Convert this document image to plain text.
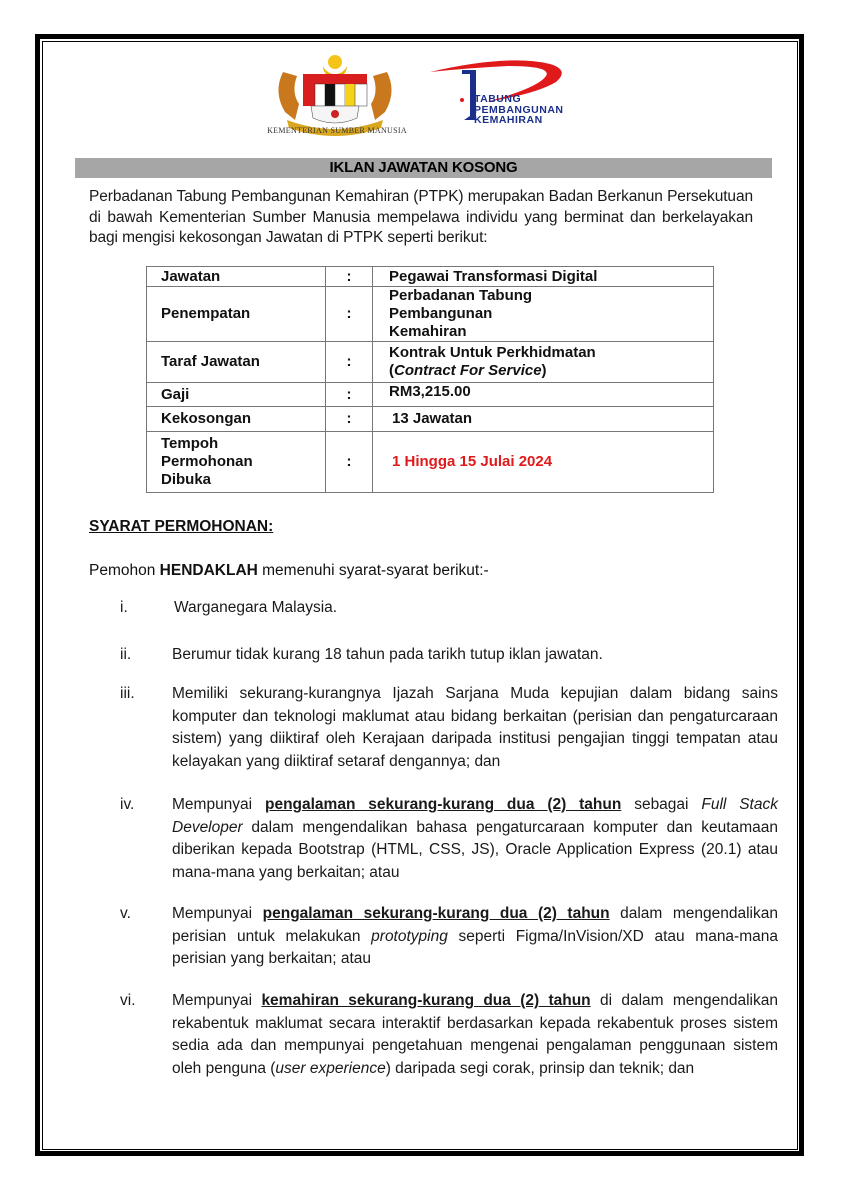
KEMENTERIAN SUMBER MANUSIA
TABUNG
PEMBANGUNAN
KEMAHIRAN
IKLAN JAWATAN KOSONG
Perbadanan Tabung Pembangunan Kemahiran (PTPK) merupakan Badan Berkanun Persekutuan di bawah Kementerian Sumber Manusia mempelawa individu yang berminat dan berkelayakan bagi mengisi kekosongan Jawatan di PTPK seperti berikut:
Jawatan	:	Pegawai Transformasi Digital
Penempatan	:	Perbadanan Tabung Pembangunan Kemahiran
Taraf Jawatan	:	Kontrak Untuk Perkhidmatan
(Contract For Service)

Gaji	:	RM3,215.00
Kekosongan	:	13 Jawatan
Tempoh Permohonan Dibuka	:	1 Hingga 15 Julai 2024
SYARAT PERMOHONAN:
Pemohon HENDAKLAH memenuhi syarat-syarat berikut:-
i.	Warganegara Malaysia.
ii.	Berumur tidak kurang 18 tahun pada tarikh tutup iklan jawatan.
iii.	Memiliki sekurang-kurangnya Ijazah Sarjana Muda kepujian dalam bidang sains komputer dan teknologi maklumat atau bidang berkaitan (perisian dan pengaturcaraan sistem) yang diiktiraf oleh Kerajaan daripada institusi pengajian tinggi tempatan atau kelayakan yang diiktiraf setaraf dengannya; dan
iv.	Mempunyai pengalaman sekurang-kurang dua (2) tahun sebagai Full Stack Developer dalam mengendalikan bahasa pengaturcaraan komputer dan keutamaan diberikan kepada Bootstrap (HTML, CSS, JS), Oracle Application Express (20.1) atau mana-mana yang berkaitan; atau
v.	Mempunyai pengalaman sekurang-kurang dua (2) tahun dalam mengendalikan perisian untuk melakukan prototyping seperti Figma/InVision/XD atau mana-mana perisian yang berkaitan; atau
vi.	Mempunyai kemahiran sekurang-kurang dua (2) tahun di dalam mengendalikan rekabentuk maklumat secara interaktif berdasarkan kepada rekabentuk proses sistem sedia ada dan mempunyai pengetahuan mengenai pengalaman penggunaan sistem oleh penguna (user experience) daripada segi corak, prinsip dan teknik; dan
